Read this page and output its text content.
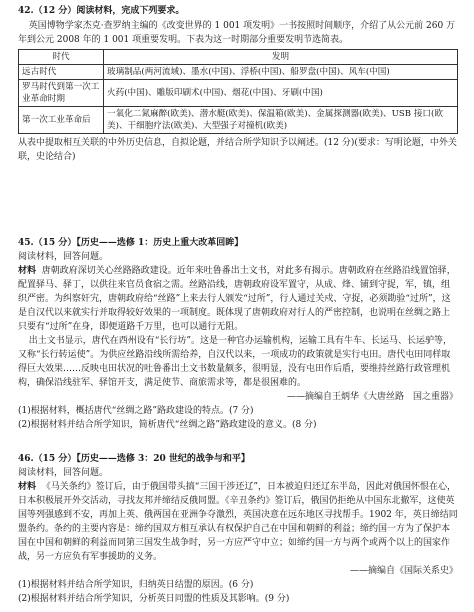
42.（12 分）阅读材料，完成下列要求。

英国博物学家杰克·查罗纳主编的《改变世界的 1 001 项发明》一书按照时间顺序，介绍了从公元前 260 万年到公元 2008 年的 1 001 项重要发明。下表为这一时期部分重要发明节选简表。

时代	发明
远古时代	玻璃制品(两河流域)、墨水(中国)、浮桥(中国)、船罗盘(中国)、风车(中国)
罗马时代到第一次工业革命时期	火药(中国)、雕版印刷术(中国)、烟花(中国)、牙刷(中国)
第一次工业革命后	一氧化二氮麻醉(欧美)、潜水艇(欧美)、保温箱(欧美)、金属探测器(欧美)、USB 接口(欧美)、干细胞疗法(欧美)、大型强子对撞机(欧美)

从表中提取相互关联的中外历史信息，自拟论题，并结合所学知识予以阐述。(12 分)(要求：写明论题，中外关联，史论结合)

45.（15 分）【历史——选修 1：历史上重大改革回眸】

阅读材料，回答问题。

材料 唐朝政府深切关心丝路路政建设。近年来吐鲁番出土文书，对此多有揭示。唐朝政府在丝路沿线置馆驿，配置驿马、驿丁，以供往来官员食宿之需。丝路沿线，唐朝政府设军置守，从成、烽、铺到守捉，军，镇，组织严密。为纠察奸宄，唐朝政府给“丝路”上来去行人颁发“过所”，行人通过关戍、守捉，必须勘验“过所”，这是自汉代以来就实行并取得较好效果的一项制度。既体现了唐朝政府对行人的严密控制，也说明在丝绸之路上只要有“过所”在身，即便道路千万里，也可以通行无阻。

出土文书显示，唐代在西州设有“长行坊”。这是一种官办运输机构，运输工具有牛车、长运马、长运驴等，又称“长行转运使”。为供应丝路沿线所需给养，自汉代以来，一项成功的政策就是实行屯田。唐代屯田同样取得巨大效果……反映屯田状况的吐鲁番出土文书数量颇多，很明显，没有屯田作后盾，要维持丝路行政管理机构，确保沿线驻军、驿馆开支，满足使节、商旅需求等，都是很困难的。

——摘编自王炳华《大唐丝路　国之重器》

(1)根据材料，概括唐代“丝绸之路”路政建设的特点。(7 分)

(2)根据材料并结合所学知识，简析唐代“丝绸之路”路政建设的意义。(8 分)

46.（15 分）【历史——选修 3：20 世纪的战争与和平】

阅读材料，回答问题。

材料 《马关条约》签订后，由于俄国带头搞“三国干涉还辽”，日本被迫归还辽东半岛，因此对俄国怀恨在心，日本积极展开外交活动，寻找友邦并缔结反俄同盟。《辛丑条约》签订后，俄国仍拒绝从中国东北撤军，这使英国等列强感到不安，再加上英、俄两国在亚洲争夺激烈，英国决意在远东地区寻找帮手。1902 年，英日缔结同盟条约。条约的主要内容是：缔约国双方相互承认有权保护自己在中国和朝鲜的利益；缔约国一方为了保护本国在中国和朝鲜的利益而同第三国发生战争时，另一方应严守中立；如缔约国一方与两个或两个以上的国家作战，另一方应负有军事援助的义务。

——摘编自《国际关系史》

(1)根据材料并结合所学知识，归纳英日结盟的原因。(6 分)

(2)根据材料并结合所学知识，分析英日同盟的性质及其影响。(9 分)
